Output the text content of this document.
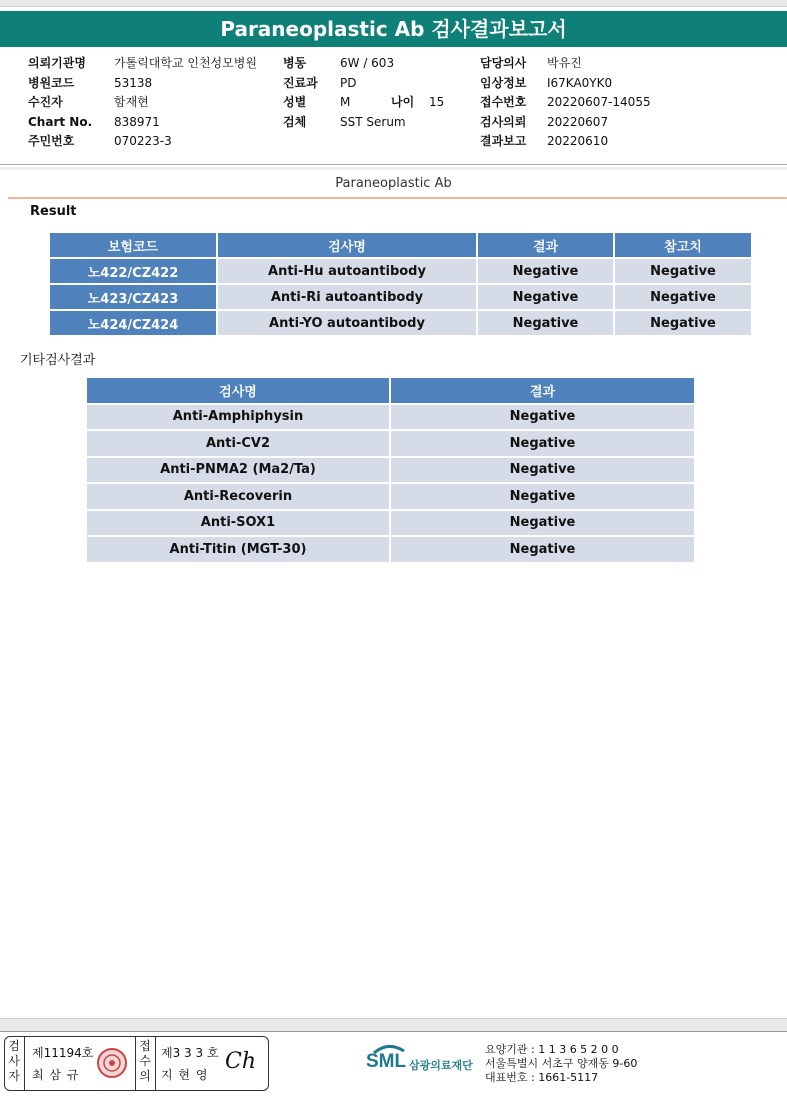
Paraneoplastic Ab 검사결과보고서
의뢰기관명 가톨릭대학교 인천성모병원
병원코드	53138
수진자	함재현
Chart No. 838971
주민번호	070223-3
병동	6W / 603
진료과 PD
성별	M
검체	SST Serum
나이 15
담당의사 박유진
임상정보 I67KA0YK0
접수번호 20220607-14055
검사의뢰 20220607
결과보고 20220610
Paraneoplastic Ab
Result
보험코드	검사명	결과	참고치
노422/CZ422	Anti-Hu autoantibody	Negative	Negative
노423/CZ423	Anti-Ri autoantibody	Negative	Negative
노424/CZ424	Anti-YO autoantibody	Negative	Negative
기타검사결과
검사명	결과
Anti-Amphiphysin	Negative
Anti-CV2	Negative
Anti-PNMA2 (Ma2/Ta)	Negative
Anti-Recoverin	Negative
Anti-SOX1	Negative
Anti-Titin (MGT-30)	Negative
검사자
제11194호
최 삼 규
접수의
제3 3 3 호
지 현 영
Ch	SML 삼광의료재단
요양기관 : 1 1 3 6 5 2 0 0
서울특별시 서초구 양재동 9-60
대표번호 : 1661-5117
